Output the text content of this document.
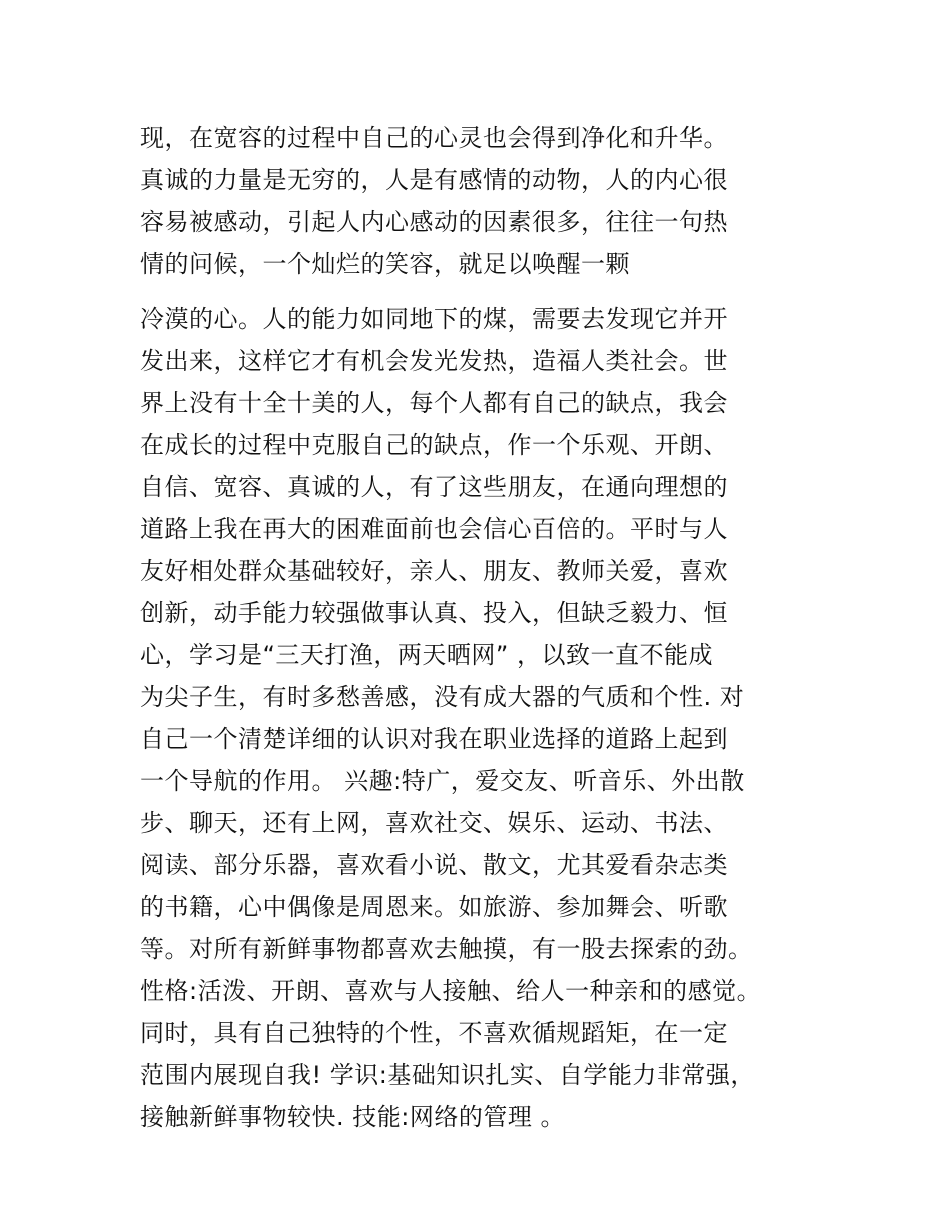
现，在宽容的过程中自己的心灵也会得到净化和升华。
真诚的力量是无穷的，人是有感情的动物，人的内心很
容易被感动，引起人内心感动的因素很多，往往一句热
情的问候，一个灿烂的笑容，就足以唤醒一颗
冷漠的心。人的能力如同地下的煤，需要去发现它并开
发出来，这样它才有机会发光发热，造福人类社会。世
界上没有十全十美的人，每个人都有自己的缺点，我会
在成长的过程中克服自己的缺点，作一个乐观、开朗、
自信、宽容、真诚的人，有了这些朋友，在通向理想的
道路上我在再大的困难面前也会信心百倍的。平时与人
友好相处群众基础较好，亲人、朋友、教师关爱，喜欢
创新，动手能力较强做事认真、投入，但缺乏毅力、恒
心，学习是“三天打渔，两天晒网” ，以致一直不能成
为尖子生，有时多愁善感，没有成大器的气质和个性. 对
自己一个清楚详细的认识对我在职业选择的道路上起到
一个导航的作用。 兴趣:特广，爱交友、听音乐、外出散
步、聊天，还有上网，喜欢社交、娱乐、运动、书法、
阅读、部分乐器，喜欢看小说、散文，尤其爱看杂志类
的书籍，心中偶像是周恩来。如旅游、参加舞会、听歌
等。对所有新鲜事物都喜欢去触摸，有一股去探索的劲。
性格:活泼、开朗、喜欢与人接触、给人一种亲和的感觉。
同时，具有自己独特的个性，不喜欢循规蹈矩，在一定
范围内展现自我! 学识:基础知识扎实、自学能力非常强，
接触新鲜事物较快. 技能:网络的管理 。
